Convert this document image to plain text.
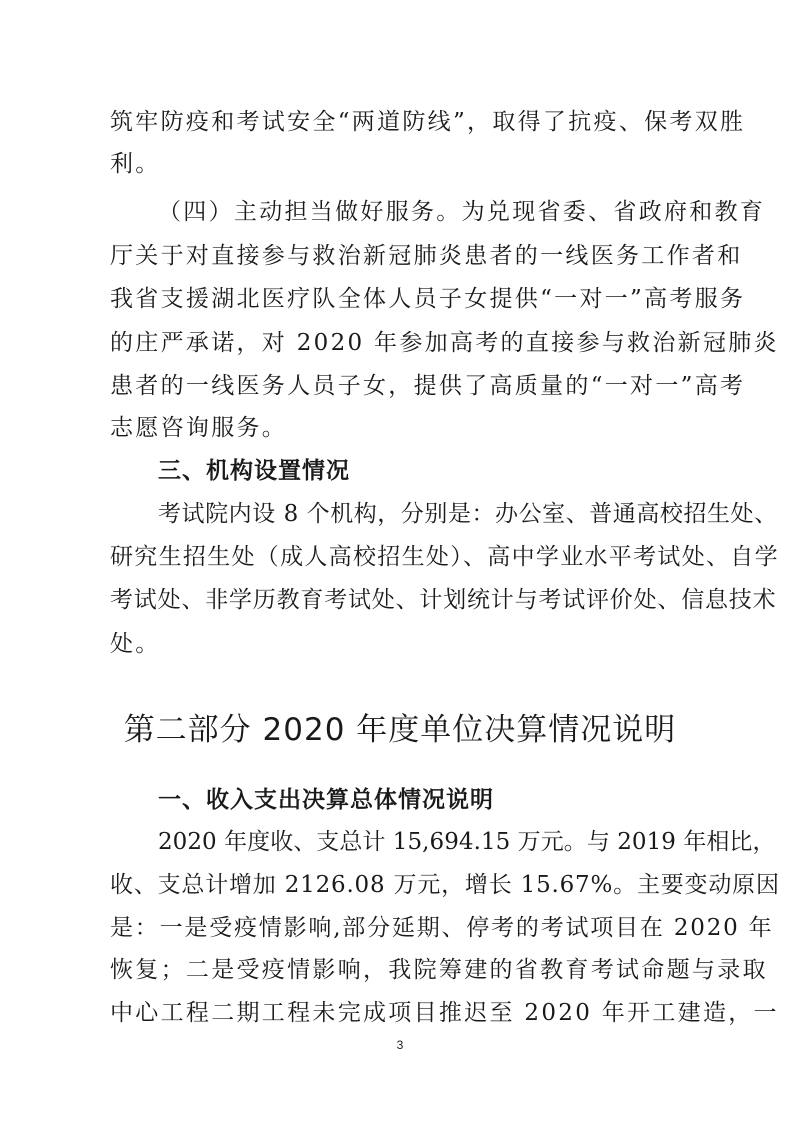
筑牢防疫和考试安全“两道防线”，取得了抗疫、保考双胜

利。

（四）主动担当做好服务。为兑现省委、省政府和教育

厅关于对直接参与救治新冠肺炎患者的一线医务工作者和

我省支援湖北医疗队全体人员子女提供“一对一”高考服务

的庄严承诺，对 2020 年参加高考的直接参与救治新冠肺炎

患者的一线医务人员子女，提供了高质量的“一对一”高考

志愿咨询服务。

三、机构设置情况

考试院内设 8 个机构，分别是：办公室、普通高校招生处、

研究生招生处（成人高校招生处）、高中学业水平考试处、自学

考试处、非学历教育考试处、计划统计与考试评价处、信息技术

处。

第二部分 2020 年度单位决算情况说明

一、收入支出决算总体情况说明

2020 年度收、支总计 15,694.15 万元。与 2019 年相比，

收、支总计增加 2126.08 万元，增长 15.67%。主要变动原因

是：一是受疫情影响,部分延期、停考的考试项目在 2020 年

恢复；二是受疫情影响，我院筹建的省教育考试命题与录取

中心工程二期工程未完成项目推迟至 2020 年开工建造，一

3
